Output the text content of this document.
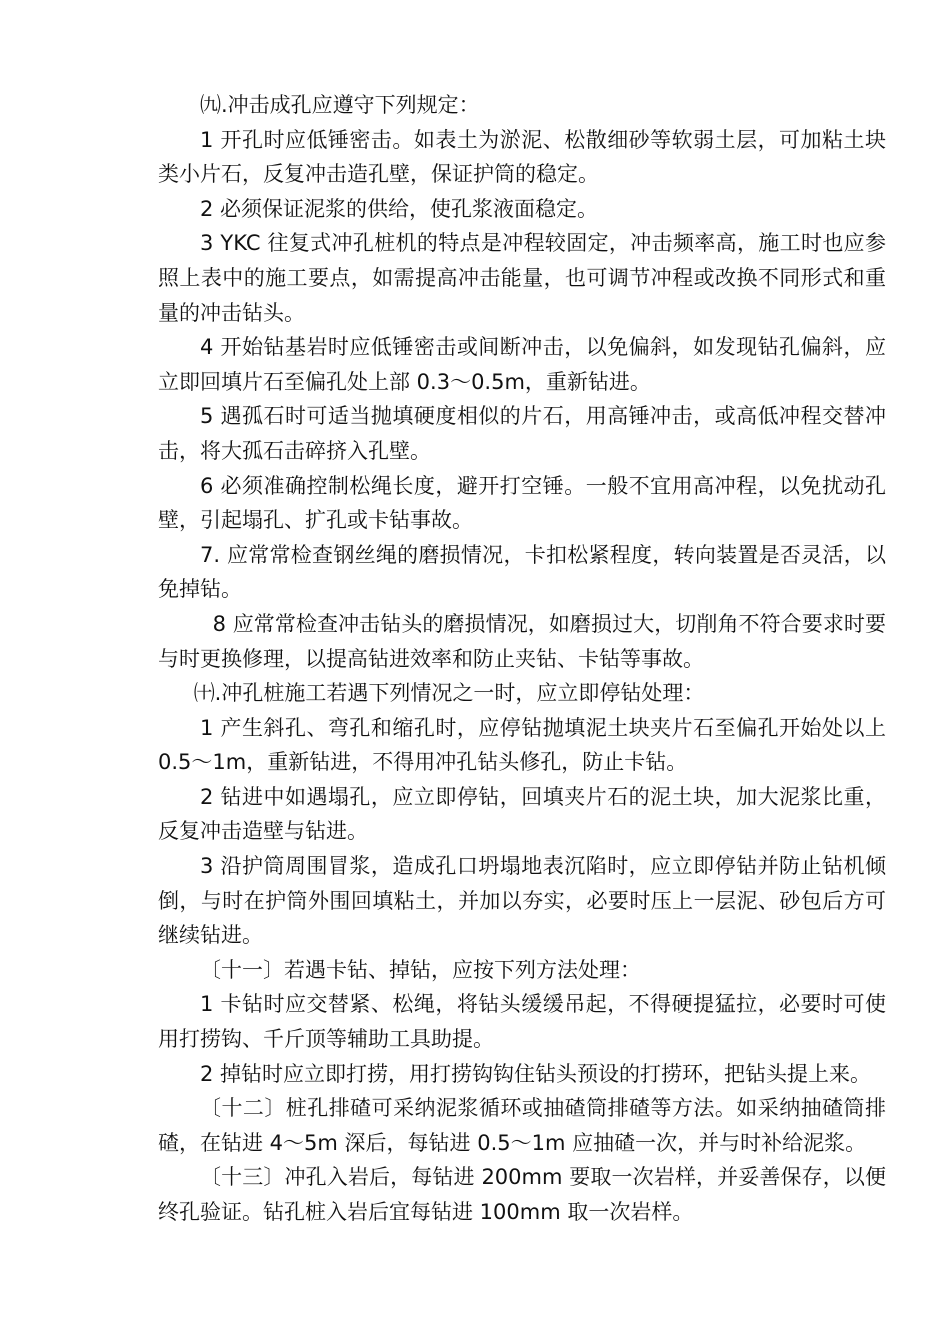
㈨.冲击成孔应遵守下列规定：

1 开孔时应低锤密击。如表土为淤泥、松散细砂等软弱土层，可加粘土块类小片石，反复冲击造孔壁，保证护筒的稳定。

2 必须保证泥浆的供给，使孔浆液面稳定。

3 YKC 往复式冲孔桩机的特点是冲程较固定，冲击频率高，施工时也应参照上表中的施工要点，如需提高冲击能量，也可调节冲程或改换不同形式和重量的冲击钻头。

4 开始钻基岩时应低锤密击或间断冲击，以免偏斜，如发现钻孔偏斜，应立即回填片石至偏孔处上部 0.3～0.5m，重新钻进。

5 遇孤石时可适当抛填硬度相似的片石，用高锤冲击，或高低冲程交替冲击，将大孤石击碎挤入孔壁。

6 必须准确控制松绳长度，避开打空锤。一般不宜用高冲程，以免扰动孔壁，引起塌孔、扩孔或卡钻事故。

7. 应常常检查钢丝绳的磨损情况，卡扣松紧程度，转向装置是否灵活，以免掉钻。

8 应常常检查冲击钻头的磨损情况，如磨损过大，切削角不符合要求时要与时更换修理，以提高钻进效率和防止夹钻、卡钻等事故。

㈩.冲孔桩施工若遇下列情况之一时，应立即停钻处理：

1 产生斜孔、弯孔和缩孔时，应停钻抛填泥土块夹片石至偏孔开始处以上 0.5～1m，重新钻进，不得用冲孔钻头修孔，防止卡钻。

2 钻进中如遇塌孔，应立即停钻，回填夹片石的泥土块，加大泥浆比重，反复冲击造壁与钻进。

3 沿护筒周围冒浆，造成孔口坍塌地表沉陷时，应立即停钻并防止钻机倾倒，与时在护筒外围回填粘土，并加以夯实，必要时压上一层泥、砂包后方可继续钻进。

〔十一〕若遇卡钻、掉钻，应按下列方法处理：

1 卡钻时应交替紧、松绳，将钻头缓缓吊起，不得硬提猛拉，必要时可使用打捞钩、千斤顶等辅助工具助提。

2 掉钻时应立即打捞，用打捞钩钩住钻头预设的打捞环，把钻头提上来。

〔十二〕桩孔排碴可采纳泥浆循环或抽碴筒排碴等方法。如采纳抽碴筒排碴，在钻进 4～5m 深后，每钻进 0.5～1m 应抽碴一次，并与时补给泥浆。

〔十三〕冲孔入岩后，每钻进 200mm 要取一次岩样，并妥善保存，以便终孔验证。钻孔桩入岩后宜每钻进 100mm 取一次岩样。
